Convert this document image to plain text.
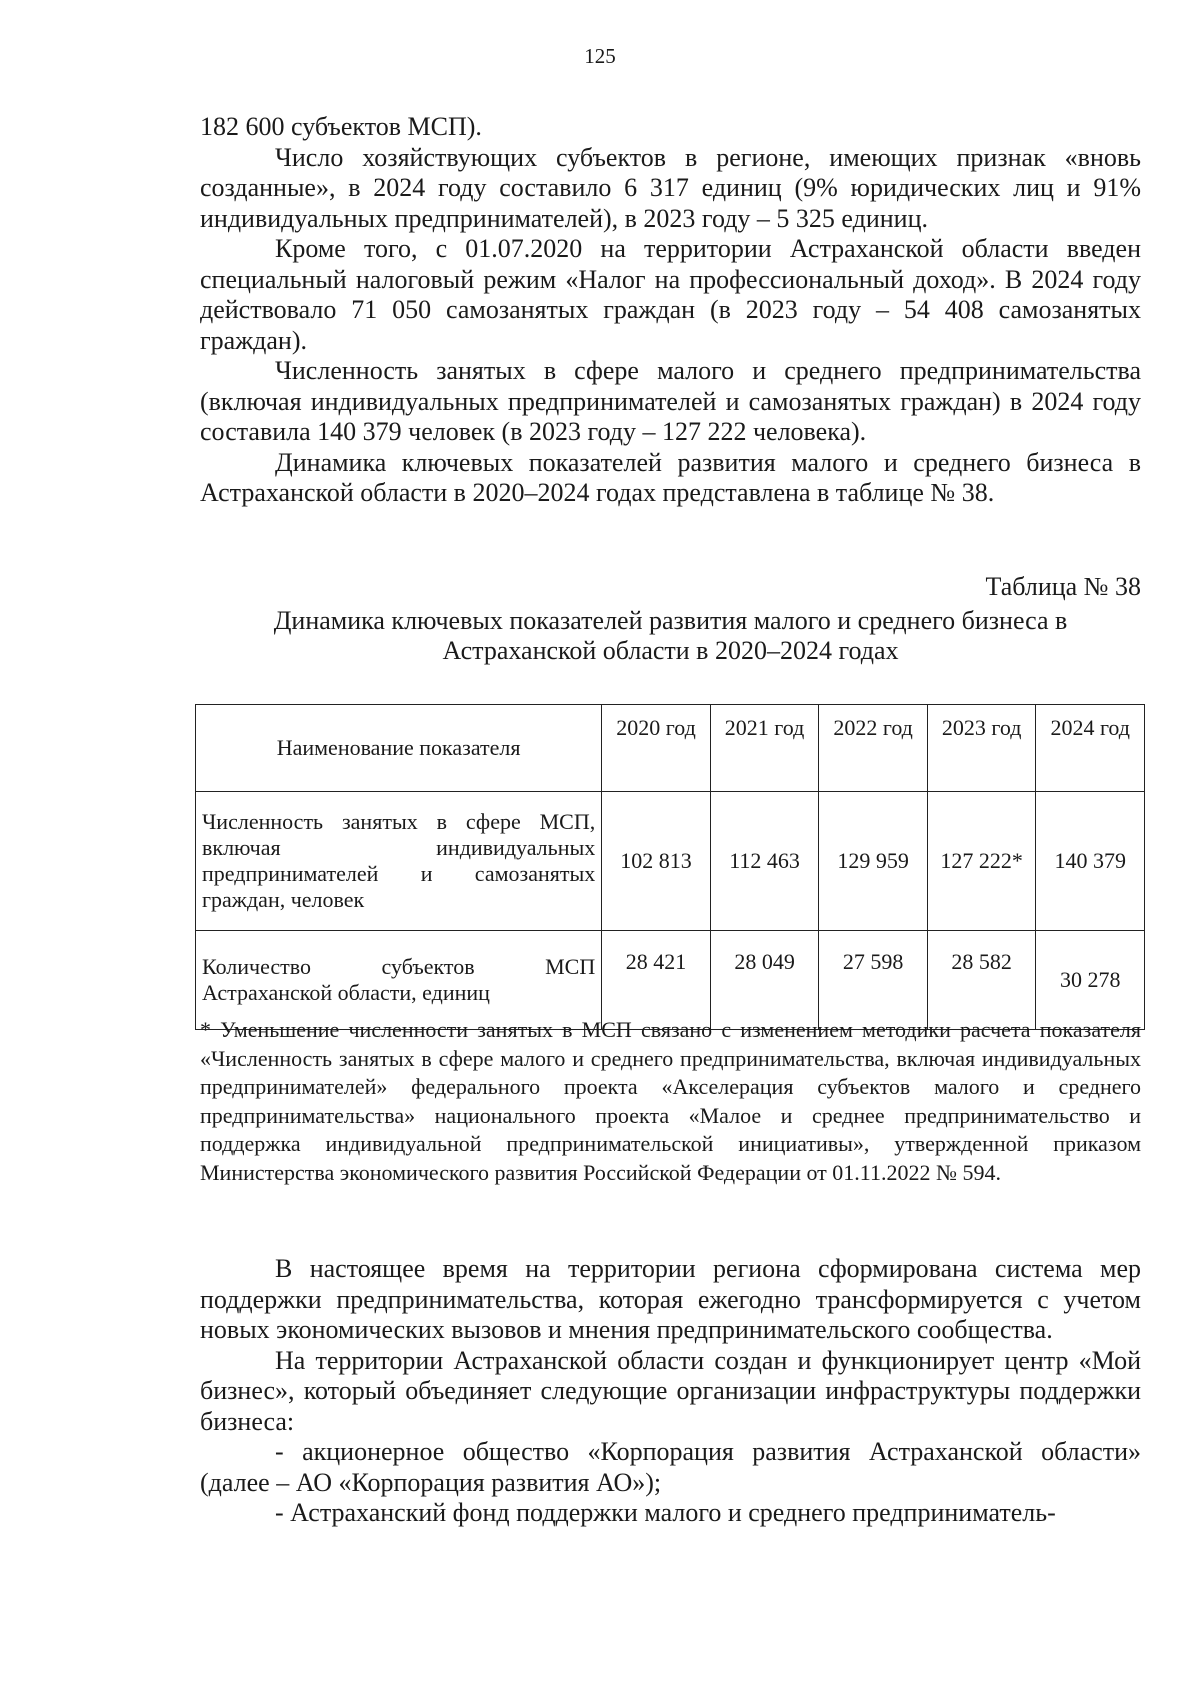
125

182 600 субъектов МСП).

Число хозяйствующих субъектов в регионе, имеющих признак «вновь созданные», в 2024 году составило 6 317 единиц (9% юридических лиц и 91% индивидуальных предпринимателей), в 2023 году – 5 325 единиц.

Кроме того, с 01.07.2020 на территории Астраханской области введен специальный налоговый режим «Налог на профессиональный доход». В 2024 году действовало 71 050 самозанятых граждан (в 2023 году – 54 408 самозанятых граждан).

Численность занятых в сфере малого и среднего предпринимательства (включая индивидуальных предпринимателей и самозанятых граждан) в 2024 году составила 140 379 человек (в 2023 году – 127 222 человека).

Динамика ключевых показателей развития малого и среднего бизнеса в Астраханской области в 2020–2024 годах представлена в таблице № 38.

Таблица № 38
Динамика ключевых показателей развития малого и среднего бизнеса в Астраханской области в 2020–2024 годах
Наименование показателя	2020 год	2021 год	2022 год	2023 год	2024 год
Численность занятых в сфере МСП, включая индивидуальных предпринимателей и самозанятых граждан, человек	102 813	112 463	129 959	127 222*	140 379
Количество субъектов МСП Астраханской области, единиц	28 421	28 049	27 598	28 582	30 278

* Уменьшение численности занятых в МСП связано с изменением методики расчета показателя «Численность занятых в сфере малого и среднего предпринимательства, включая индивидуальных предпринимателей» федерального проекта «Акселерация субъектов малого и среднего предпринимательства» национального проекта «Малое и среднее предпринимательство и поддержка индивидуальной предпринимательской инициативы», утвержденной приказом Министерства экономического развития Российской Федерации от 01.11.2022 № 594.

В настоящее время на территории региона сформирована система мер поддержки предпринимательства, которая ежегодно трансформируется с учетом новых экономических вызовов и мнения предпринимательского сообщества.

На территории Астраханской области создан и функционирует центр «Мой бизнес», который объединяет следующие организации инфраструктуры поддержки бизнеса:

- акционерное общество «Корпорация развития Астраханской области» (далее – АО «Корпорация развития АО»);

- Астраханский фонд поддержки малого и среднего предприниматель-
